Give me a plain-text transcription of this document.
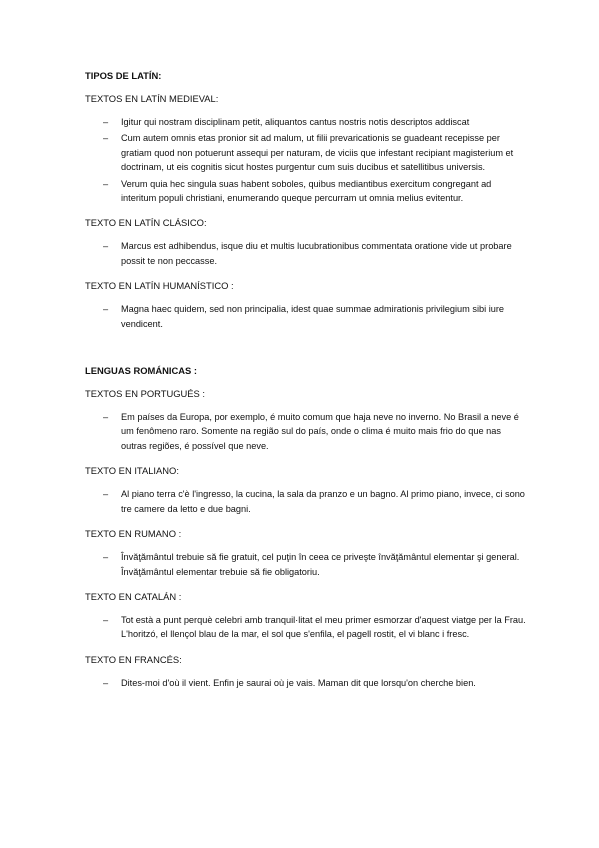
TIPOS DE LATÍN:
TEXTOS EN LATÍN MEDIEVAL:
– Igitur qui nostram disciplinam petit, aliquantos cantus nostris notis descriptos addiscat
– Cum autem omnis etas pronior sit ad malum, ut filii prevaricationis se guadeant recepisse per gratiam quod non potuerunt assequi per naturam, de viciis que infestant recipiant magisterium et doctrinam, ut eis cognitis sicut hostes purgentur cum suis ducibus et satellitibus universis.
– Verum quia hec singula suas habent soboles, quibus mediantibus exercitum congregant ad interitum populi christiani, enumerando queque percurram ut omnia melius evitentur.
TEXTO EN LATÍN CLÁSICO:
– Marcus est adhibendus, isque diu et multis lucubrationibus commentata oratione vide ut probare possit te non peccasse.
TEXTO EN LATÍN HUMANÍSTICO :
– Magna haec quidem, sed non principalia, idest quae summae admirationis privilegium sibi iure vendicent.
LENGUAS ROMÁNICAS :
TEXTOS EN PORTUGUÉS :
– Em países da Europa, por exemplo, é muito comum que haja neve no inverno. No Brasil a neve é um fenômeno raro. Somente na região sul do país, onde o clima é muito mais frio do que nas outras regiões, é possível que neve.
TEXTO EN ITALIANO:
– Al piano terra c'è l'ingresso, la cucina, la sala da pranzo e un bagno. Al primo piano, invece, ci sono tre camere da letto e due bagni.
TEXTO EN RUMANO :
– Învăţământul trebuie să fie gratuit, cel puţin în ceea ce priveşte învăţământul elementar şi general. Învăţământul elementar trebuie să fie obligatoriu.
TEXTO EN CATALÁN :
– Tot està a punt perquè celebri amb tranquil·litat el meu primer esmorzar d'aquest viatge per la Frau. L'horitzó, el llençol blau de la mar, el sol que s'enfila, el pagell rostit, el vi blanc i fresc.
TEXTO EN FRANCÉS:
– Dites-moi d'où il vient. Enfin je saurai où je vais. Maman dit que lorsqu'on cherche bien.
